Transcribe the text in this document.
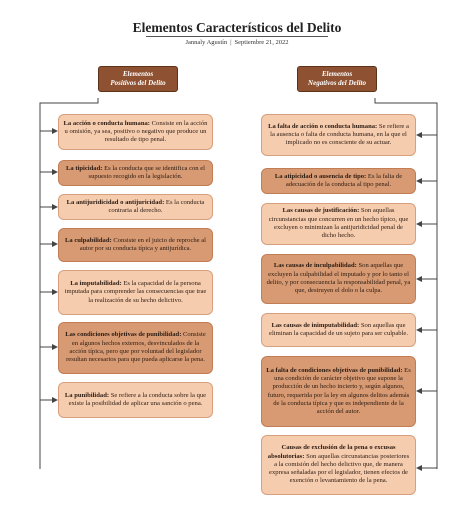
Elementos Característicos del Delito
Jannaly Agustín | Septiembre 21, 2022
Elementos
Positivos del Delito
Elementos
Negativos del Delito
La acción o conducta humana: Consiste en la acción u omisión, ya sea, positivo o negativo que produce un resultado de tipo penal.
La tipicidad: Es la conducta que se identifica con el supuesto recogido en la legislación.
La antijuridicidad o antijuricidad: Es la conducta contraria al derecho.
La culpabilidad: Consiste en el juicio de reproche al autor por su conducta típica y antijurídica.
La imputabilidad: Es la capacidad de la persona imputada para comprender las consecuencias que trae la realización de su hecho delictivo.
Las condiciones objetivas de punibilidad: Consiste en algunos hechos externos, desvinculados de la acción típica, pero que por voluntad del legislador resultan necesarios para que pueda aplicarse la pena.
La punibilidad: Se refiere a la conducta sobre la que existe la posibilidad de aplicar una sanción o pena.
La falta de acción o conducta humana: Se refiere a la ausencia o falta de conducta humana, en la que el implicado no es consciente de su actuar.
La atipicidad o ausencia de tipo: Es la falta de adecuación de la conducta al tipo penal.
Las causas de justificación: Son aquellas circunstancias que concurren en un hecho típico, que excluyen o minimizan la antijuridicidad penal de dicho hecho.
Las causas de inculpabilidad: Son aquellas que excluyen la culpabilidad el imputado y por lo tanto el delito, y por consecuencia la responsabilidad penal, ya que, destruyen el dolo o la culpa.
Las causas de inimputabilidad: Son aquellas que eliminan la capacidad de un sujeto para ser culpable.
La falta de condiciones objetivas de punibilidad: Es una condición de carácter objetivo que supone la producción de un hecho incierto y, según algunos, futuro, requerida por la ley en algunos delitos además de la conducta típica y que es independiente de la acción del autor.
Causas de exclusión de la pena o excusas absolutorias: Son aquellas circunstancias posteriores a la comisión del hecho delictivo que, de manera expresa señaladas por el legislador, tienen efectos de exención o levantamiento de la pena.
